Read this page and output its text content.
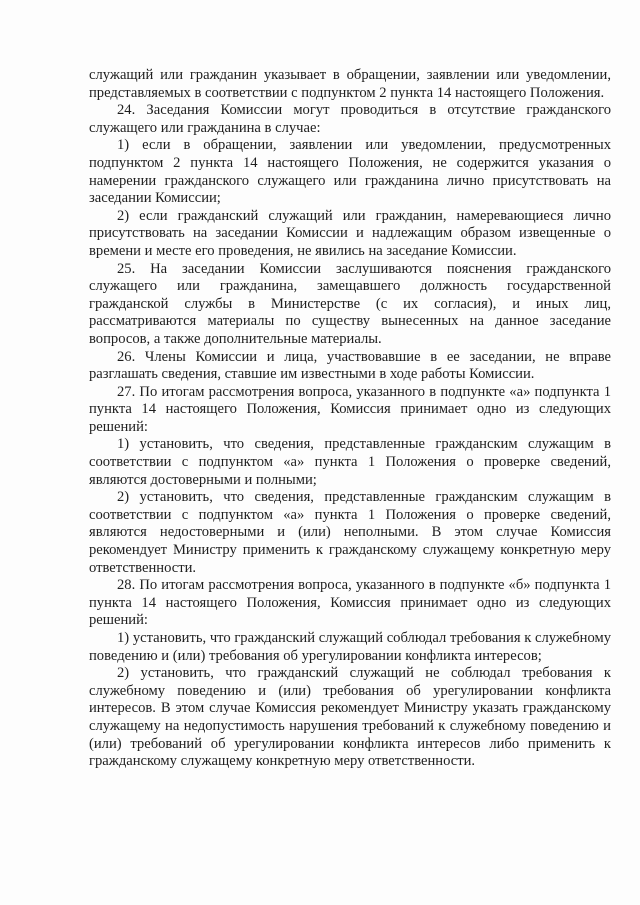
служащий или гражданин указывает в обращении, заявлении или уведомлении, представляемых в соответствии с подпунктом 2 пункта 14 настоящего Положения.

24. Заседания Комиссии могут проводиться в отсутствие гражданского служащего или гражданина в случае:

1) если в обращении, заявлении или уведомлении, предусмотренных подпунктом 2 пункта 14 настоящего Положения, не содержится указания о намерении гражданского служащего или гражданина лично присутствовать на заседании Комиссии;

2) если гражданский служащий или гражданин, намеревающиеся лично присутствовать на заседании Комиссии и надлежащим образом извещенные о времени и месте его проведения, не явились на заседание Комиссии.

25. На заседании Комиссии заслушиваются пояснения гражданского служащего или гражданина, замещавшего должность государственной гражданской службы в Министерстве (с их согласия), и иных лиц, рассматриваются материалы по существу вынесенных на данное заседание вопросов, а также дополнительные материалы.

26. Члены Комиссии и лица, участвовавшие в ее заседании, не вправе разглашать сведения, ставшие им известными в ходе работы Комиссии.

27. По итогам рассмотрения вопроса, указанного в подпункте «а» подпункта 1 пункта 14 настоящего Положения, Комиссия принимает одно из следующих решений:

1) установить, что сведения, представленные гражданским служащим в соответствии с подпунктом «а» пункта 1 Положения о проверке сведений, являются достоверными и полными;

2) установить, что сведения, представленные гражданским служащим в соответствии с подпунктом «а» пункта 1 Положения о проверке сведений, являются недостоверными и (или) неполными. В этом случае Комиссия рекомендует Министру применить к гражданскому служащему конкретную меру ответственности.

28. По итогам рассмотрения вопроса, указанного в подпункте «б» подпункта 1 пункта 14 настоящего Положения, Комиссия принимает одно из следующих решений:

1) установить, что гражданский служащий соблюдал требования к служебному поведению и (или) требования об урегулировании конфликта интересов;

2) установить, что гражданский служащий не соблюдал требования к служебному поведению и (или) требования об урегулировании конфликта интересов. В этом случае Комиссия рекомендует Министру указать гражданскому служащему на недопустимость нарушения требований к служебному поведению и (или) требований об урегулировании конфликта интересов либо применить к гражданскому служащему конкретную меру ответственности.
